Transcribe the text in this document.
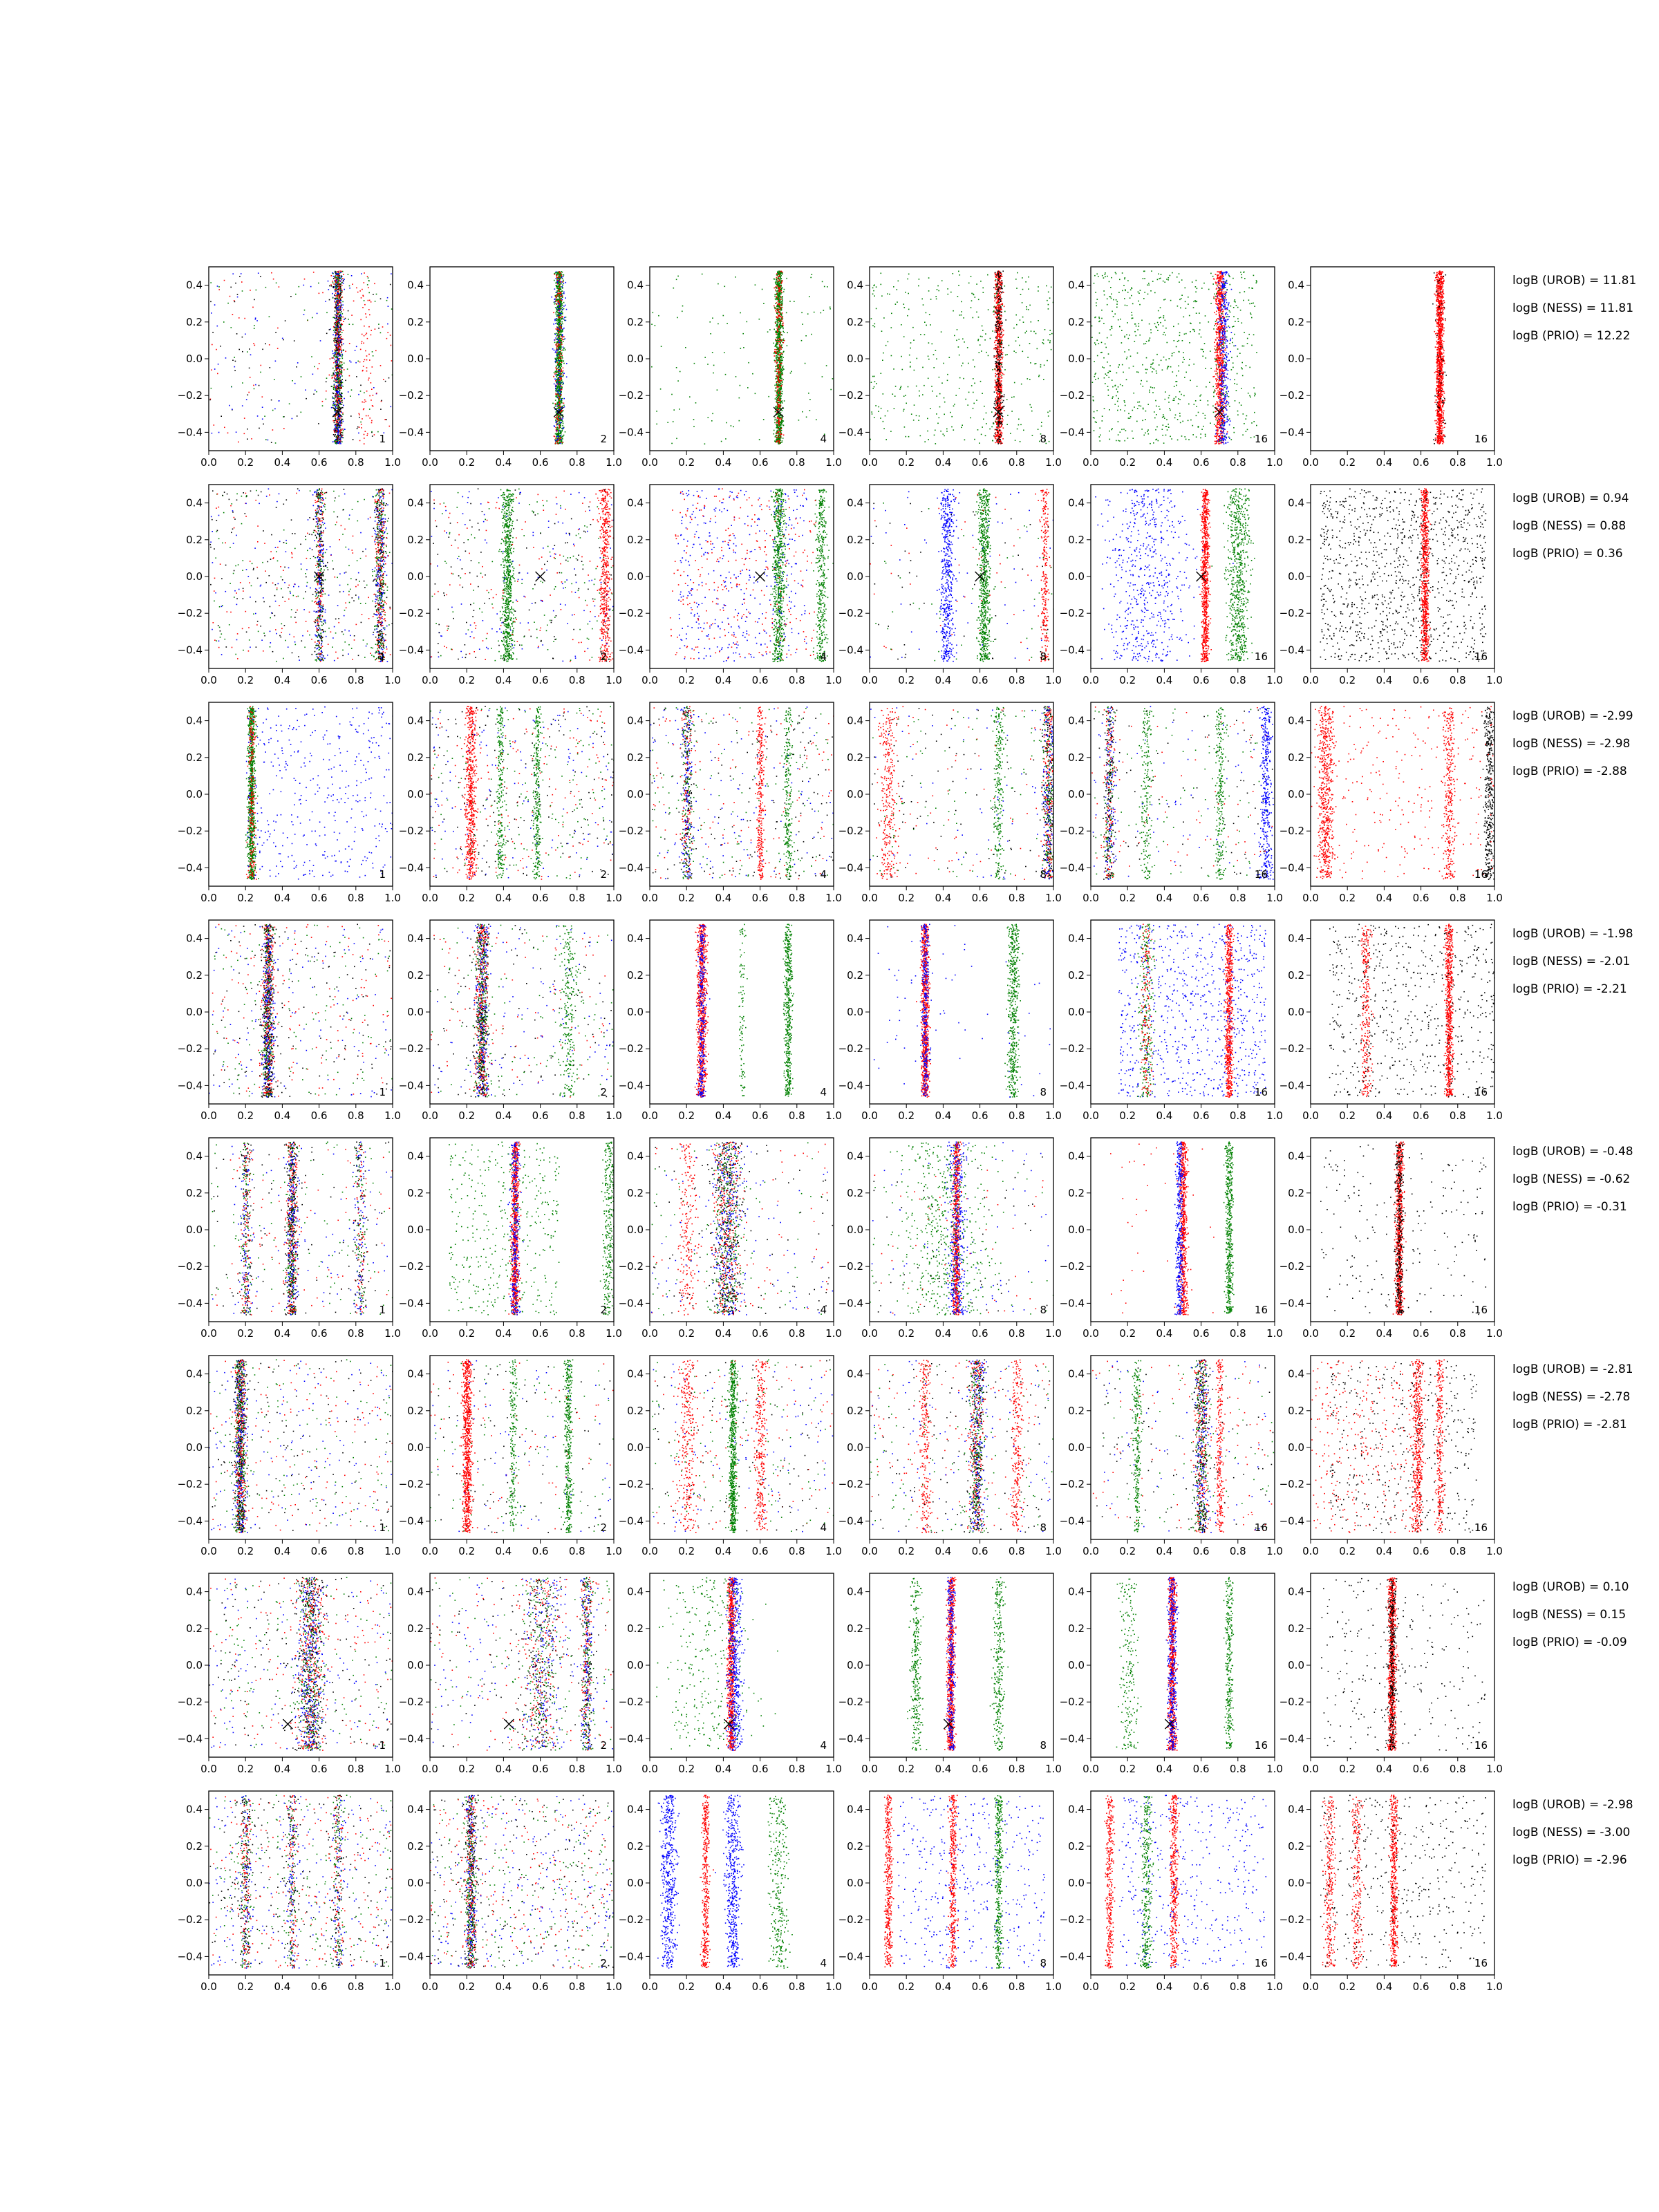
0.0 0.2 0.4 0.6 0.8 1.0
−0.4
−0.2
0.0
0.2
0.4
1
0.0 0.2 0.4 0.6 0.8 1.0
−0.4
−0.2
0.0
0.2
0.4
2
0.0 0.2 0.4 0.6 0.8 1.0
−0.4
−0.2
0.0
0.2
0.4
4
0.0 0.2 0.4 0.6 0.8 1.0
−0.4
−0.2
0.0
0.2
0.4
8
0.0 0.2 0.4 0.6 0.8 1.0
−0.4
−0.2
0.0
0.2
0.4
16
0.0 0.2 0.4 0.6 0.8 1.0
−0.4
−0.2
0.0
0.2
0.4
16
logB (UROB) = 11.81
logB (NESS) = 11.81
logB (PRIO) = 12.22
0.0 0.2 0.4 0.6 0.8 1.0
−0.4
−0.2
0.0
0.2
0.4
1
0.0 0.2 0.4 0.6 0.8 1.0
−0.4
−0.2
0.0
0.2
0.4
2
0.0 0.2 0.4 0.6 0.8 1.0
−0.4
−0.2
0.0
0.2
0.4
4
0.0 0.2 0.4 0.6 0.8 1.0
−0.4
−0.2
0.0
0.2
0.4
8
0.0 0.2 0.4 0.6 0.8 1.0
−0.4
−0.2
0.0
0.2
0.4
16
0.0 0.2 0.4 0.6 0.8 1.0
−0.4
−0.2
0.0
0.2
0.4
16
logB (UROB) = 0.94
logB (NESS) = 0.88
logB (PRIO) = 0.36
0.0 0.2 0.4 0.6 0.8 1.0
−0.4
−0.2
0.0
0.2
0.4
1
0.0 0.2 0.4 0.6 0.8 1.0
−0.4
−0.2
0.0
0.2
0.4
2
0.0 0.2 0.4 0.6 0.8 1.0
−0.4
−0.2
0.0
0.2
0.4
4
0.0 0.2 0.4 0.6 0.8 1.0
−0.4
−0.2
0.0
0.2
0.4
8
0.0 0.2 0.4 0.6 0.8 1.0
−0.4
−0.2
0.0
0.2
0.4
16
0.0 0.2 0.4 0.6 0.8 1.0
−0.4
−0.2
0.0
0.2
0.4
16
logB (UROB) = -2.99
logB (NESS) = -2.98
logB (PRIO) = -2.88
0.0 0.2 0.4 0.6 0.8 1.0
−0.4
−0.2
0.0
0.2
0.4
1
0.0 0.2 0.4 0.6 0.8 1.0
−0.4
−0.2
0.0
0.2
0.4
2
0.0 0.2 0.4 0.6 0.8 1.0
−0.4
−0.2
0.0
0.2
0.4
4
0.0 0.2 0.4 0.6 0.8 1.0
−0.4
−0.2
0.0
0.2
0.4
8
0.0 0.2 0.4 0.6 0.8 1.0
−0.4
−0.2
0.0
0.2
0.4
16
0.0 0.2 0.4 0.6 0.8 1.0
−0.4
−0.2
0.0
0.2
0.4
16
logB (UROB) = -1.98
logB (NESS) = -2.01
logB (PRIO) = -2.21
0.0 0.2 0.4 0.6 0.8 1.0
−0.4
−0.2
0.0
0.2
0.4
1
0.0 0.2 0.4 0.6 0.8 1.0
−0.4
−0.2
0.0
0.2
0.4
2
0.0 0.2 0.4 0.6 0.8 1.0
−0.4
−0.2
0.0
0.2
0.4
4
0.0 0.2 0.4 0.6 0.8 1.0
−0.4
−0.2
0.0
0.2
0.4
8
0.0 0.2 0.4 0.6 0.8 1.0
−0.4
−0.2
0.0
0.2
0.4
16
0.0 0.2 0.4 0.6 0.8 1.0
−0.4
−0.2
0.0
0.2
0.4
16
logB (UROB) = -0.48
logB (NESS) = -0.62
logB (PRIO) = -0.31
0.0 0.2 0.4 0.6 0.8 1.0
−0.4
−0.2
0.0
0.2
0.4
1
0.0 0.2 0.4 0.6 0.8 1.0
−0.4
−0.2
0.0
0.2
0.4
2
0.0 0.2 0.4 0.6 0.8 1.0
−0.4
−0.2
0.0
0.2
0.4
4
0.0 0.2 0.4 0.6 0.8 1.0
−0.4
−0.2
0.0
0.2
0.4
8
0.0 0.2 0.4 0.6 0.8 1.0
−0.4
−0.2
0.0
0.2
0.4
16
0.0 0.2 0.4 0.6 0.8 1.0
−0.4
−0.2
0.0
0.2
0.4
16
logB (UROB) = -2.81
logB (NESS) = -2.78
logB (PRIO) = -2.81
0.0 0.2 0.4 0.6 0.8 1.0
−0.4
−0.2
0.0
0.2
0.4
1
0.0 0.2 0.4 0.6 0.8 1.0
−0.4
−0.2
0.0
0.2
0.4
2
0.0 0.2 0.4 0.6 0.8 1.0
−0.4
−0.2
0.0
0.2
0.4
4
0.0 0.2 0.4 0.6 0.8 1.0
−0.4
−0.2
0.0
0.2
0.4
8
0.0 0.2 0.4 0.6 0.8 1.0
−0.4
−0.2
0.0
0.2
0.4
16
0.0 0.2 0.4 0.6 0.8 1.0
−0.4
−0.2
0.0
0.2
0.4
16
logB (UROB) = 0.10
logB (NESS) = 0.15
logB (PRIO) = -0.09
0.0 0.2 0.4 0.6 0.8 1.0
−0.4
−0.2
0.0
0.2
0.4
1
0.0 0.2 0.4 0.6 0.8 1.0
−0.4
−0.2
0.0
0.2
0.4
2
0.0 0.2 0.4 0.6 0.8 1.0
−0.4
−0.2
0.0
0.2
0.4
4
0.0 0.2 0.4 0.6 0.8 1.0
−0.4
−0.2
0.0
0.2
0.4
8
0.0 0.2 0.4 0.6 0.8 1.0
−0.4
−0.2
0.0
0.2
0.4
16
0.0 0.2 0.4 0.6 0.8 1.0
−0.4
−0.2
0.0
0.2
0.4
16
logB (UROB) = -2.98
logB (NESS) = -3.00
logB (PRIO) = -2.96
